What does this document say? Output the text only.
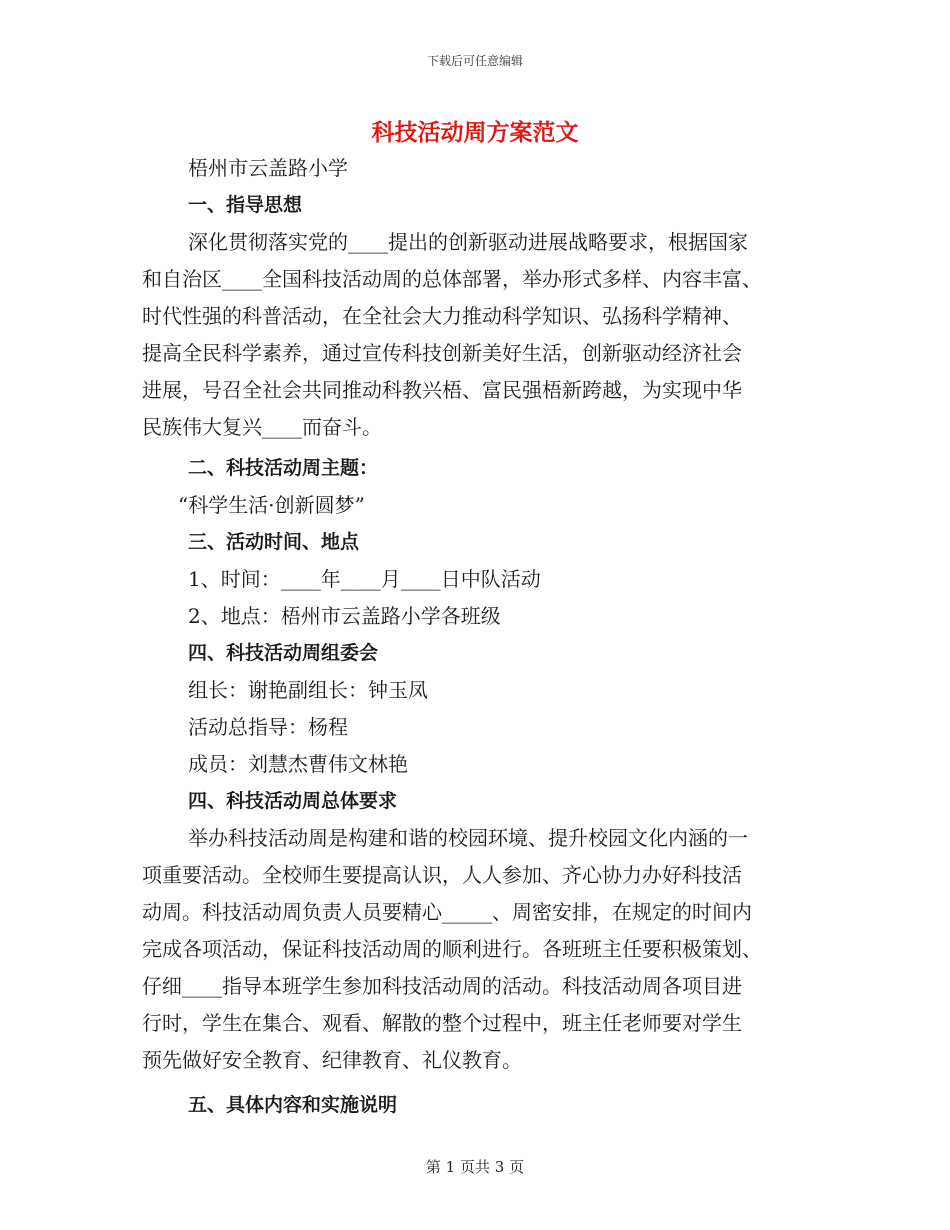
下载后可任意编辑
科技活动周方案范文
梧州市云盖路小学
一、指导思想
深化贯彻落实党的____提出的创新驱动进展战略要求，根据国家
和自治区____全国科技活动周的总体部署，举办形式多样、内容丰富、
时代性强的科普活动，在全社会大力推动科学知识、弘扬科学精神、
提高全民科学素养，通过宣传科技创新美好生活，创新驱动经济社会
进展，号召全社会共同推动科教兴梧、富民强梧新跨越，为实现中华
民族伟大复兴____而奋斗。
二、科技活动周主题：
“科学生活·创新圆梦”
三、活动时间、地点
1、时间：____年____月____日中队活动
2、地点：梧州市云盖路小学各班级
四、科技活动周组委会
组长：谢艳副组长：钟玉凤
活动总指导：杨程
成员：刘慧杰曹伟文林艳
四、科技活动周总体要求
举办科技活动周是构建和谐的校园环境、提升校园文化内涵的一
项重要活动。全校师生要提高认识，人人参加、齐心协力办好科技活
动周。科技活动周负责人员要精心_____、周密安排，在规定的时间内
完成各项活动，保证科技活动周的顺利进行。各班班主任要积极策划、
仔细____指导本班学生参加科技活动周的活动。科技活动周各项目进
行时，学生在集合、观看、解散的整个过程中，班主任老师要对学生
预先做好安全教育、纪律教育、礼仪教育。
五、具体内容和实施说明
第 1 页共 3 页
